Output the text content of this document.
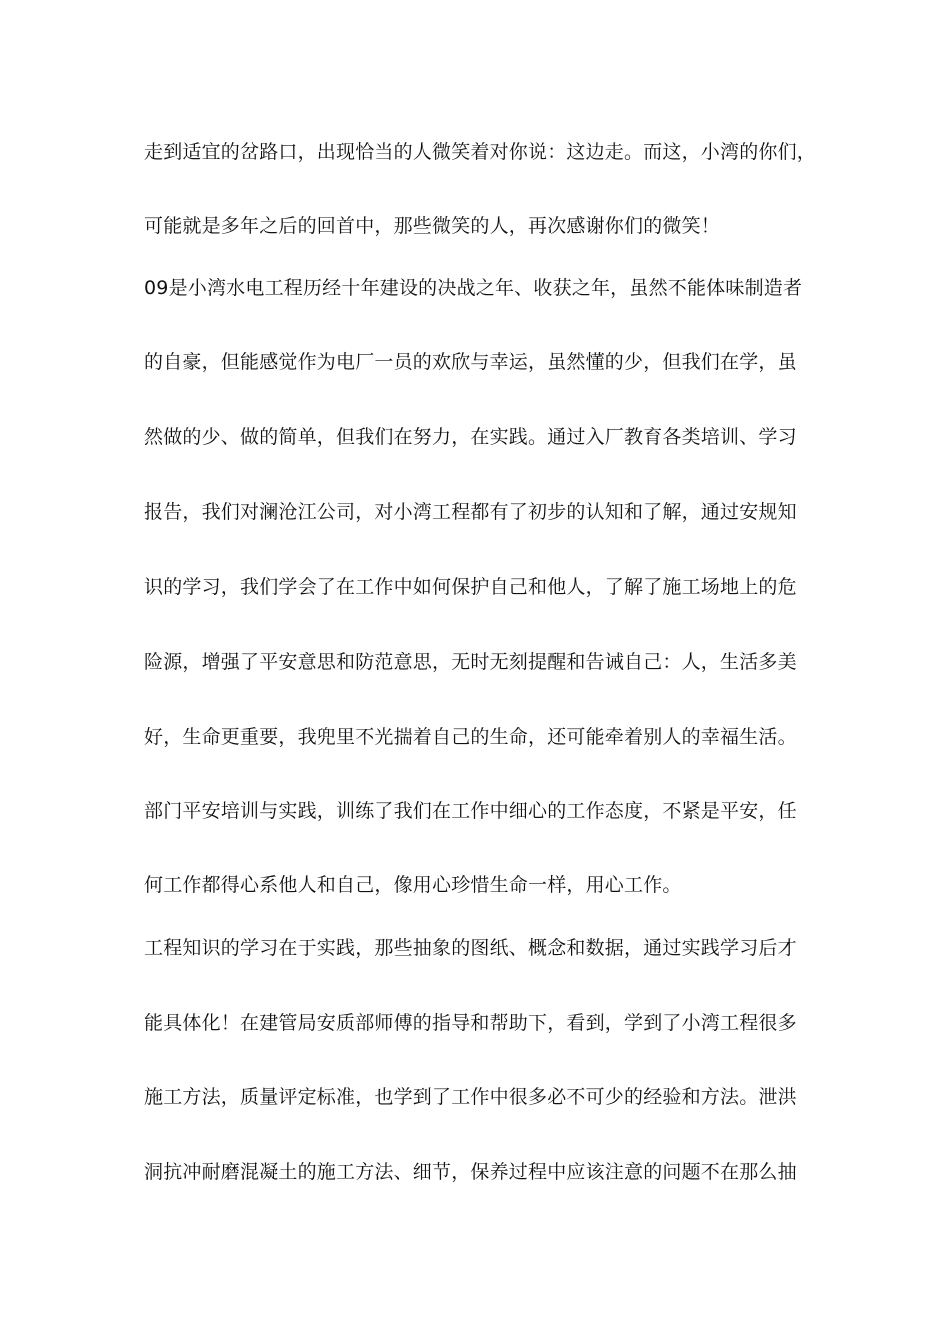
走到适宜的岔路口，出现恰当的人微笑着对你说：这边走。而这，小湾的你们，
可能就是多年之后的回首中，那些微笑的人，再次感谢你们的微笑！
09是小湾水电工程历经十年建设的决战之年、收获之年，虽然不能体味制造者
的自豪，但能感觉作为电厂一员的欢欣与幸运，虽然懂的少，但我们在学，虽
然做的少、做的简单，但我们在努力，在实践。通过入厂教育各类培训、学习
报告，我们对澜沧江公司，对小湾工程都有了初步的认知和了解，通过安规知
识的学习，我们学会了在工作中如何保护自己和他人，了解了施工场地上的危
险源，增强了平安意思和防范意思，无时无刻提醒和告诫自己：人，生活多美
好，生命更重要，我兜里不光揣着自己的生命，还可能牵着别人的幸福生活。
部门平安培训与实践，训练了我们在工作中细心的工作态度，不紧是平安，任
何工作都得心系他人和自己，像用心珍惜生命一样，用心工作。
工程知识的学习在于实践，那些抽象的图纸、概念和数据，通过实践学习后才
能具体化！在建管局安质部师傅的指导和帮助下，看到，学到了小湾工程很多
施工方法，质量评定标准，也学到了工作中很多必不可少的经验和方法。泄洪
洞抗冲耐磨混凝土的施工方法、细节，保养过程中应该注意的问题不在那么抽
